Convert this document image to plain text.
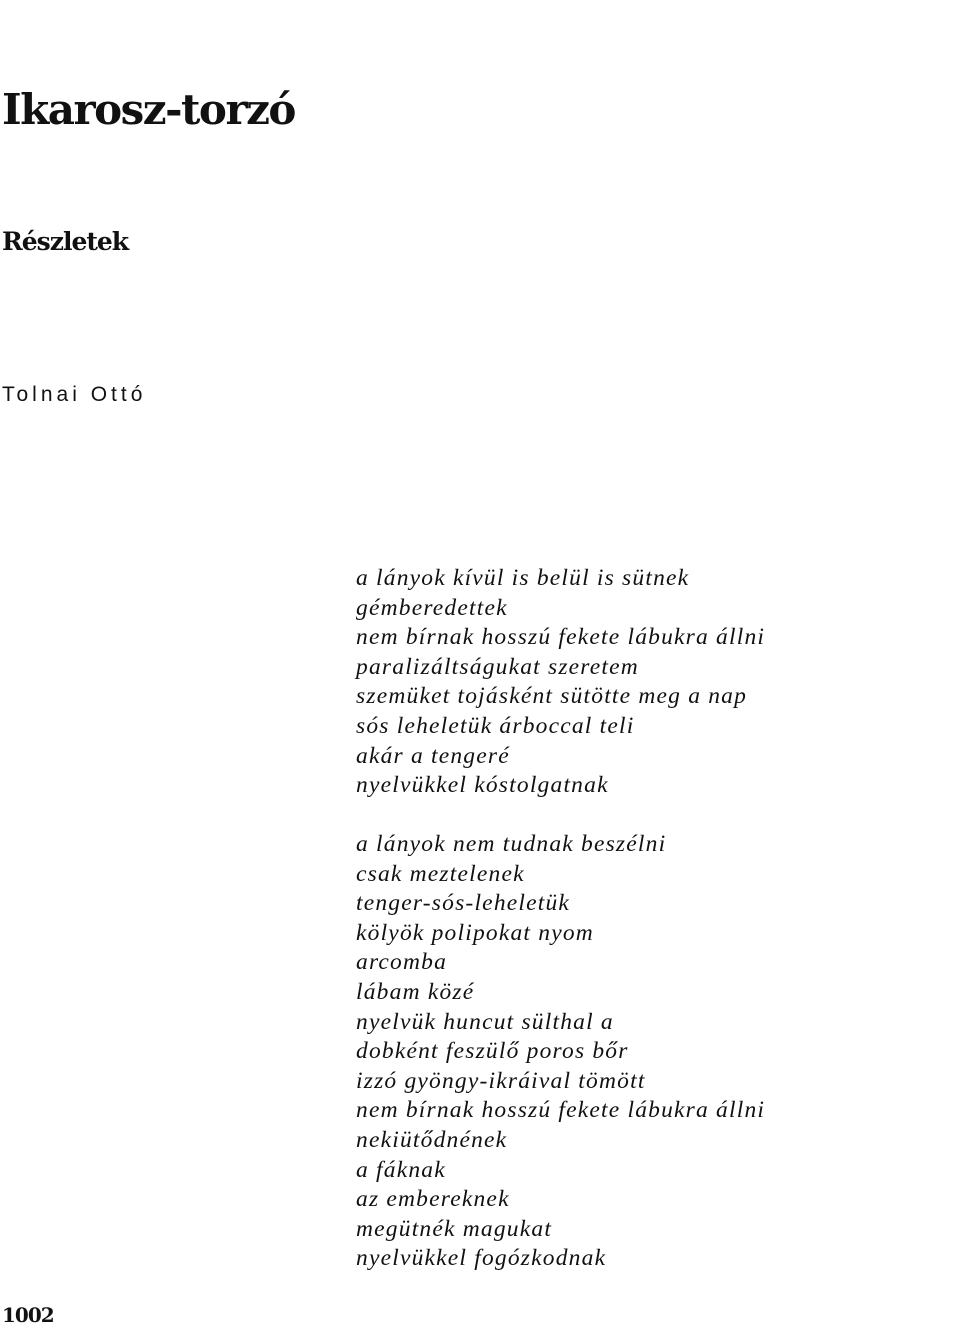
Ikarosz-torzó
Részletek

Tolnai Ottó

a lányok kívül is belül is sütnek
gémberedettek
nem bírnak hosszú fekete lábukra állni
paralizáltságukat szeretem
szemüket tojásként sütötte meg a nap
sós leheletük árboccal teli
akár a tengeré
nyelvükkel kóstolgatnak
a lányok nem tudnak beszélni
csak meztelenek
tenger-sós-leheletük
kölyök polipokat nyom
arcomba
lábam közé
nyelvük huncut sülthal a
dobként feszülő poros bőr
izzó gyöngy-ikráival tömött
nem bírnak hosszú fekete lábukra állni
nekiütődnének
a fáknak
az embereknek
megütnék magukat
nyelvükkel fogózkodnak

1002
